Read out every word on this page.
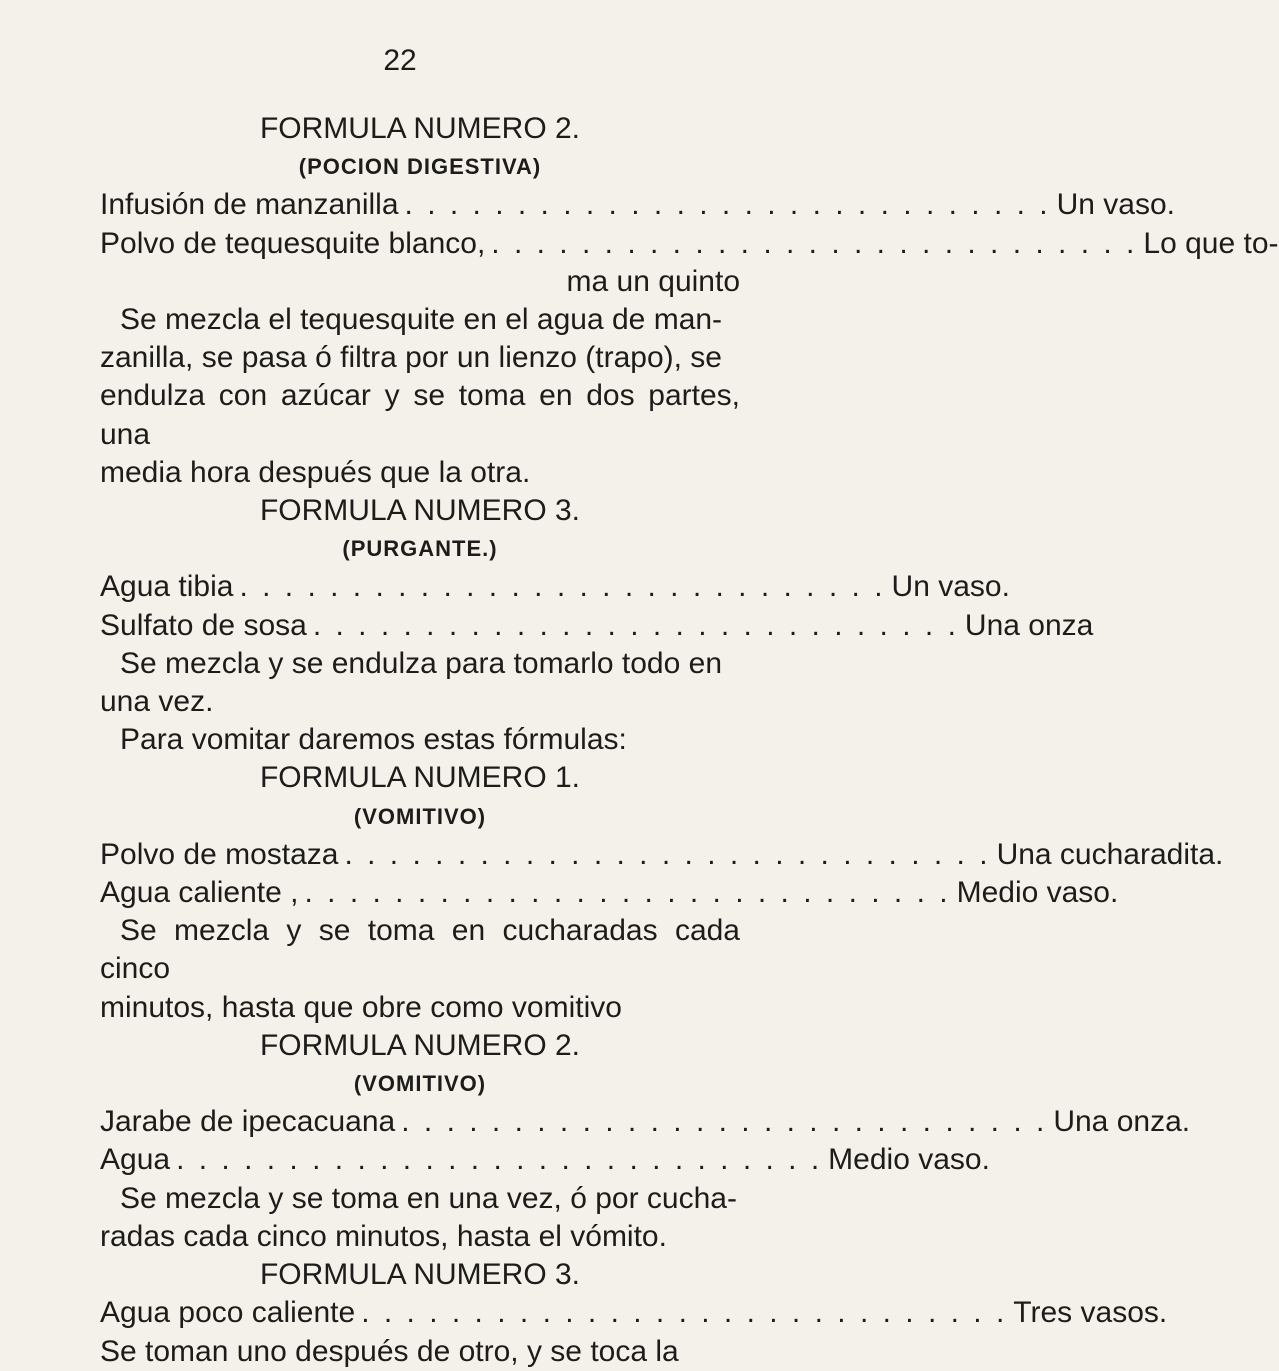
22
FORMULA NUMERO 2.
(POCION DIGESTIVA)
Infusión de manzanilla . . . . . . . . . . . . . . . . . . . . . . . . . . . . . Un vaso.
Polvo de tequesquite blanco, . . . . . . . . . . . . . . . . . . . . . . . . . . . . . Lo que to-
ma un quinto

Se mezcla el tequesquite en el agua de man-

zanilla, se pasa ó filtra por un lienzo (trapo), se

endulza con azúcar y se toma en dos partes, una

media hora después que la otra.

FORMULA NUMERO 3.
(PURGANTE.)
Agua tibia . . . . . . . . . . . . . . . . . . . . . . . . . . . . . Un vaso.
Sulfato de sosa . . . . . . . . . . . . . . . . . . . . . . . . . . . . . Una onza

Se mezcla y se endulza para tomarlo todo en

una vez.

Para vomitar daremos estas fórmulas:

FORMULA NUMERO 1.
(VOMITIVO)
Polvo de mostaza . . . . . . . . . . . . . . . . . . . . . . . . . . . . . Una cucharadita.
Agua caliente , . . . . . . . . . . . . . . . . . . . . . . . . . . . . . Medio vaso.

Se mezcla y se toma en cucharadas cada cinco

minutos, hasta que obre como vomitivo

FORMULA NUMERO 2.
(VOMITIVO)
Jarabe de ipecacuana . . . . . . . . . . . . . . . . . . . . . . . . . . . . . Una onza.
Agua . . . . . . . . . . . . . . . . . . . . . . . . . . . . . Medio vaso.

Se mezcla y se toma en una vez, ó por cucha-

radas cada cinco minutos, hasta el vómito.

FORMULA NUMERO 3.
Agua poco caliente . . . . . . . . . . . . . . . . . . . . . . . . . . . . . Tres vasos.

Se toman uno después de otro, y se toca la
